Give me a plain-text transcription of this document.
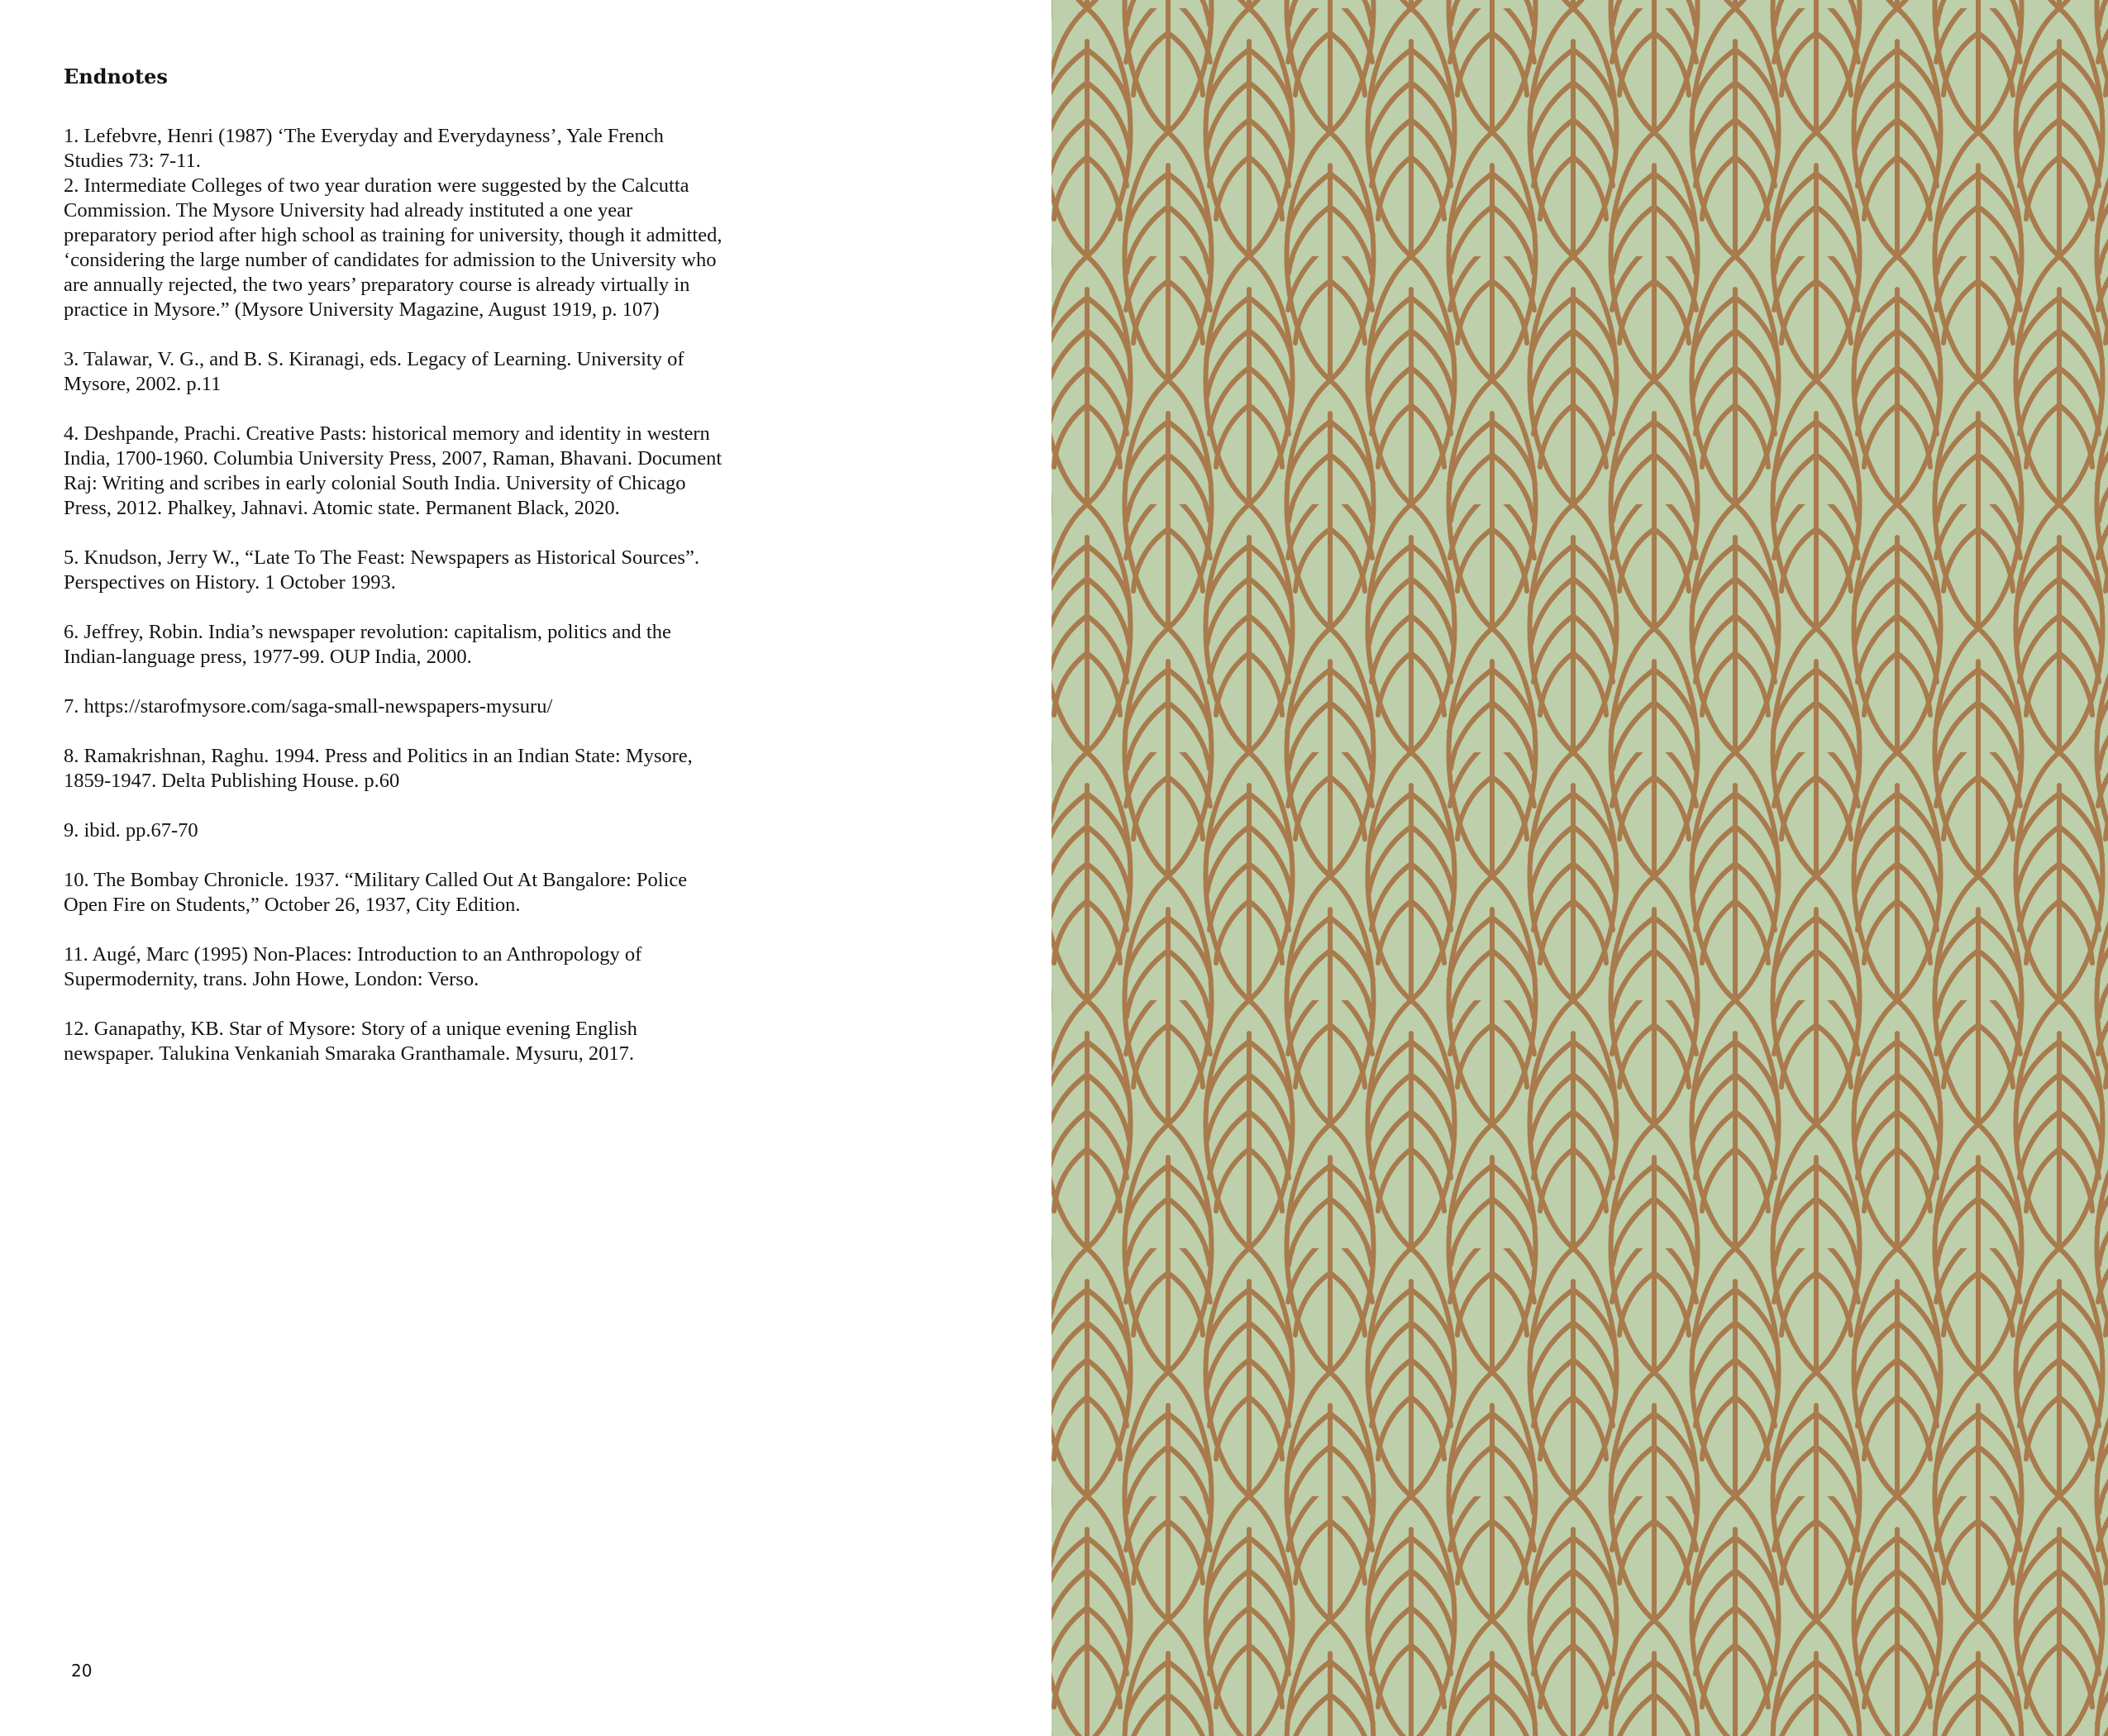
Endnotes
1. Lefebvre, Henri (1987) ‘The Everyday and Everydayness’, Yale French Studies 73: 7-11.
2. Intermediate Colleges of two year duration were suggested by the Calcutta Commission. The Mysore University had already instituted a one year preparatory period after high school as training for university, though it admitted, ‘considering the large number of candidates for admission to the University who are annually rejected, the two years’ preparatory course is already virtually in practice in Mysore.” (Mysore University Magazine, August 1919, p. 107)
3. Talawar, V. G., and B. S. Kiranagi, eds. Legacy of Learning. University of Mysore, 2002. p.11
4. Deshpande, Prachi. Creative Pasts: historical memory and identity in western India, 1700-1960. Columbia University Press, 2007, Raman, Bhavani. Document Raj: Writing and scribes in early colonial South India. University of Chicago Press, 2012. Phalkey, Jahnavi. Atomic state. Permanent Black, 2020.
5. Knudson, Jerry W., “Late To The Feast: Newspapers as Historical Sources”. Perspectives on History. 1 October 1993.
6. Jeffrey, Robin. India’s newspaper revolution: capitalism, politics and the Indian-language press, 1977-99. OUP India, 2000.
7. https://starofmysore.com/saga-small-newspapers-mysuru/
8. Ramakrishnan, Raghu. 1994. Press and Politics in an Indian State: Mysore, 1859-1947. Delta Publishing House. p.60
9. ibid. pp.67-70
10. The Bombay Chronicle. 1937. “Military Called Out At Bangalore: Police Open Fire on Students,” October 26, 1937, City Edition.
11. Augé, Marc (1995) Non-Places: Introduction to an Anthropology of Supermodernity, trans. John Howe, London: Verso.
12. Ganapathy, KB. Star of Mysore: Story of a unique evening English newspaper. Talukina Venkaniah Smaraka Granthamale. Mysuru, 2017.
20
